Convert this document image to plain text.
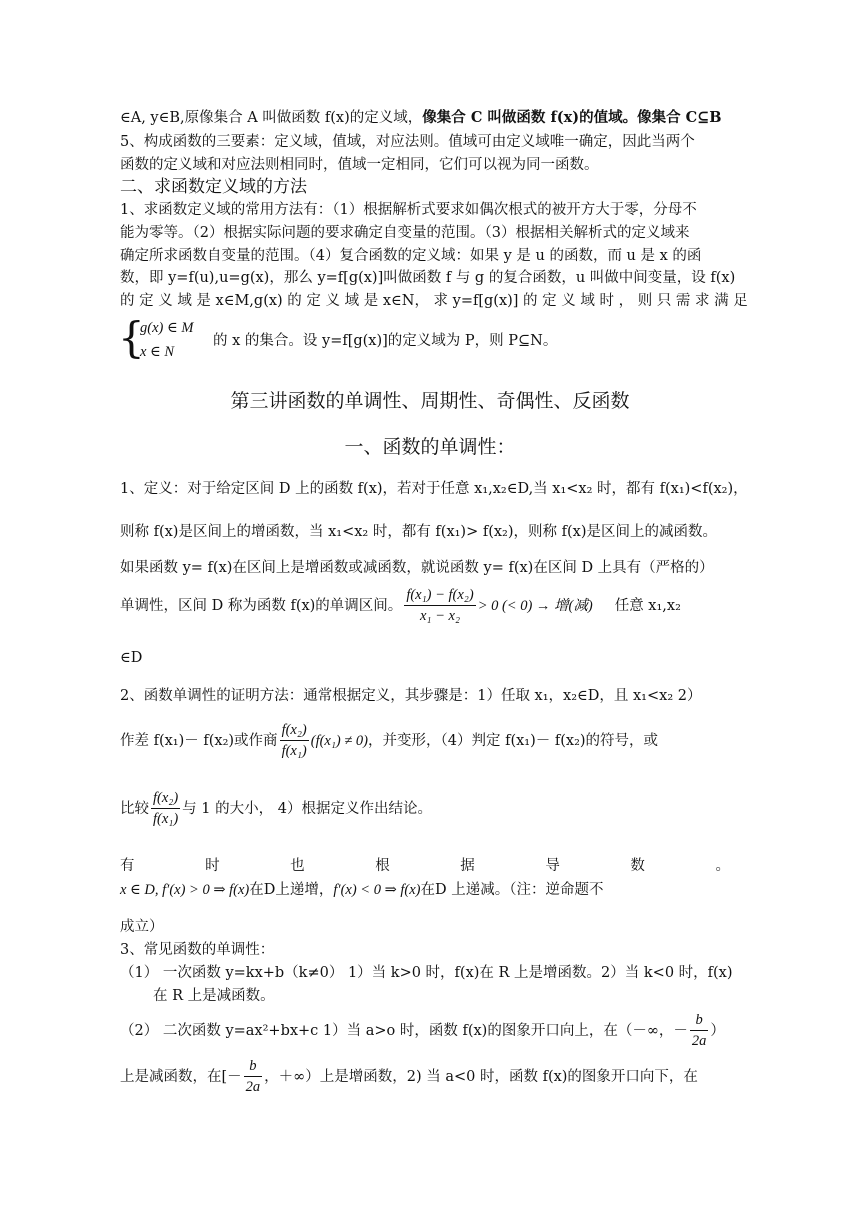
∈A, y∈B,原像集合 A 叫做函数 f(x)的定义域，像集合 C 叫做函数 f(x)的值域。像集合 C⊆B
5、构成函数的三要素：定义域，值域，对应法则。值域可由定义域唯一确定，因此当两个
函数的定义域和对应法则相同时，值域一定相同，它们可以视为同一函数。
二、求函数定义域的方法
1、求函数定义域的常用方法有：（1）根据解析式要求如偶次根式的被开方大于零，分母不
能为零等。（2）根据实际问题的要求确定自变量的范围。（3）根据相关解析式的定义域来
确定所求函数自变量的范围。（4）复合函数的定义域：如果 y 是 u 的函数，而 u 是 x 的函
数，即 y=f(u),u=g(x)，那么 y=f[g(x)]叫做函数 f 与 g 的复合函数，u 叫做中间变量，设 f(x)
的 定 义 域 是 x∈M,g(x) 的 定 义 域 是 x∈N， 求 y=f[g(x)] 的 定 义 域 时 ， 则 只 需 求 满 足
{
g(x) ∈ M
x ∈ N
的 x 的集合。设 y=f[g(x)]的定义域为 P，则 P⊆N。
第三讲函数的单调性、周期性、奇偶性、反函数
一、函数的单调性：
1、定义：对于给定区间 D 上的函数 f(x)，若对于任意 x₁,x₂∈D,当 x₁<x₂ 时，都有 f(x₁)<f(x₂)，
则称 f(x)是区间上的增函数，当 x₁<x₂ 时，都有 f(x₁)> f(x₂)，则称 f(x)是区间上的减函数。
如果函数 y= f(x)在区间上是增函数或减函数，就说函数 y= f(x)在区间 D 上具有（严格的）
单调性，区间 D 称为函数 f(x)的单调区间。 $\frac{\text{f(x₁) − f(x₂)}}{\text{x₁ − x₂}} > 0$ (< 0) → 增(减) 任意 x₁,x₂
∈D
2、函数单调性的证明方法：通常根据定义，其步骤是：1）任取 x₁，x₂∈D，且 x₁<x₂ 2）
作差 f(x₁)－ f(x₂)或作商 $\frac{\text{f(x₂)}}{\text{f(x₁)}} (f(x_1) \ne 0)$ ，并变形，（4）判定 f(x₁)－ f(x₂)的符号，或
比较 $\frac{\text{f(x₂)}}{\text{f(x₁)}}$ 与 1 的大小， 4）根据定义作出结论。
有	时	也	根	据	导	数	。
x ∈ D, f′(x) > 0 ⇒ f(x)在D上递增，f′(x) < 0 ⇒ f(x)在D 上递减。（注：逆命题不
成立）
3、常见函数的单调性：
（1） 一次函数 y=kx+b（k≠0） 1）当 k>0 时，f(x)在 R 上是增函数。2）当 k<0 时，f(x)
在 R 上是减函数。
（2） 二次函数 y=ax²+bx+c 1）当 a>o 时，函数 f(x)的图象开口向上，在（－∞，－ $\frac{b}{2a}$ ）
上是减函数，在[－ $\frac{b}{2a}$ ，＋∞）上是增函数，2) 当 a<0 时，函数 f(x)的图象开口向下，在
